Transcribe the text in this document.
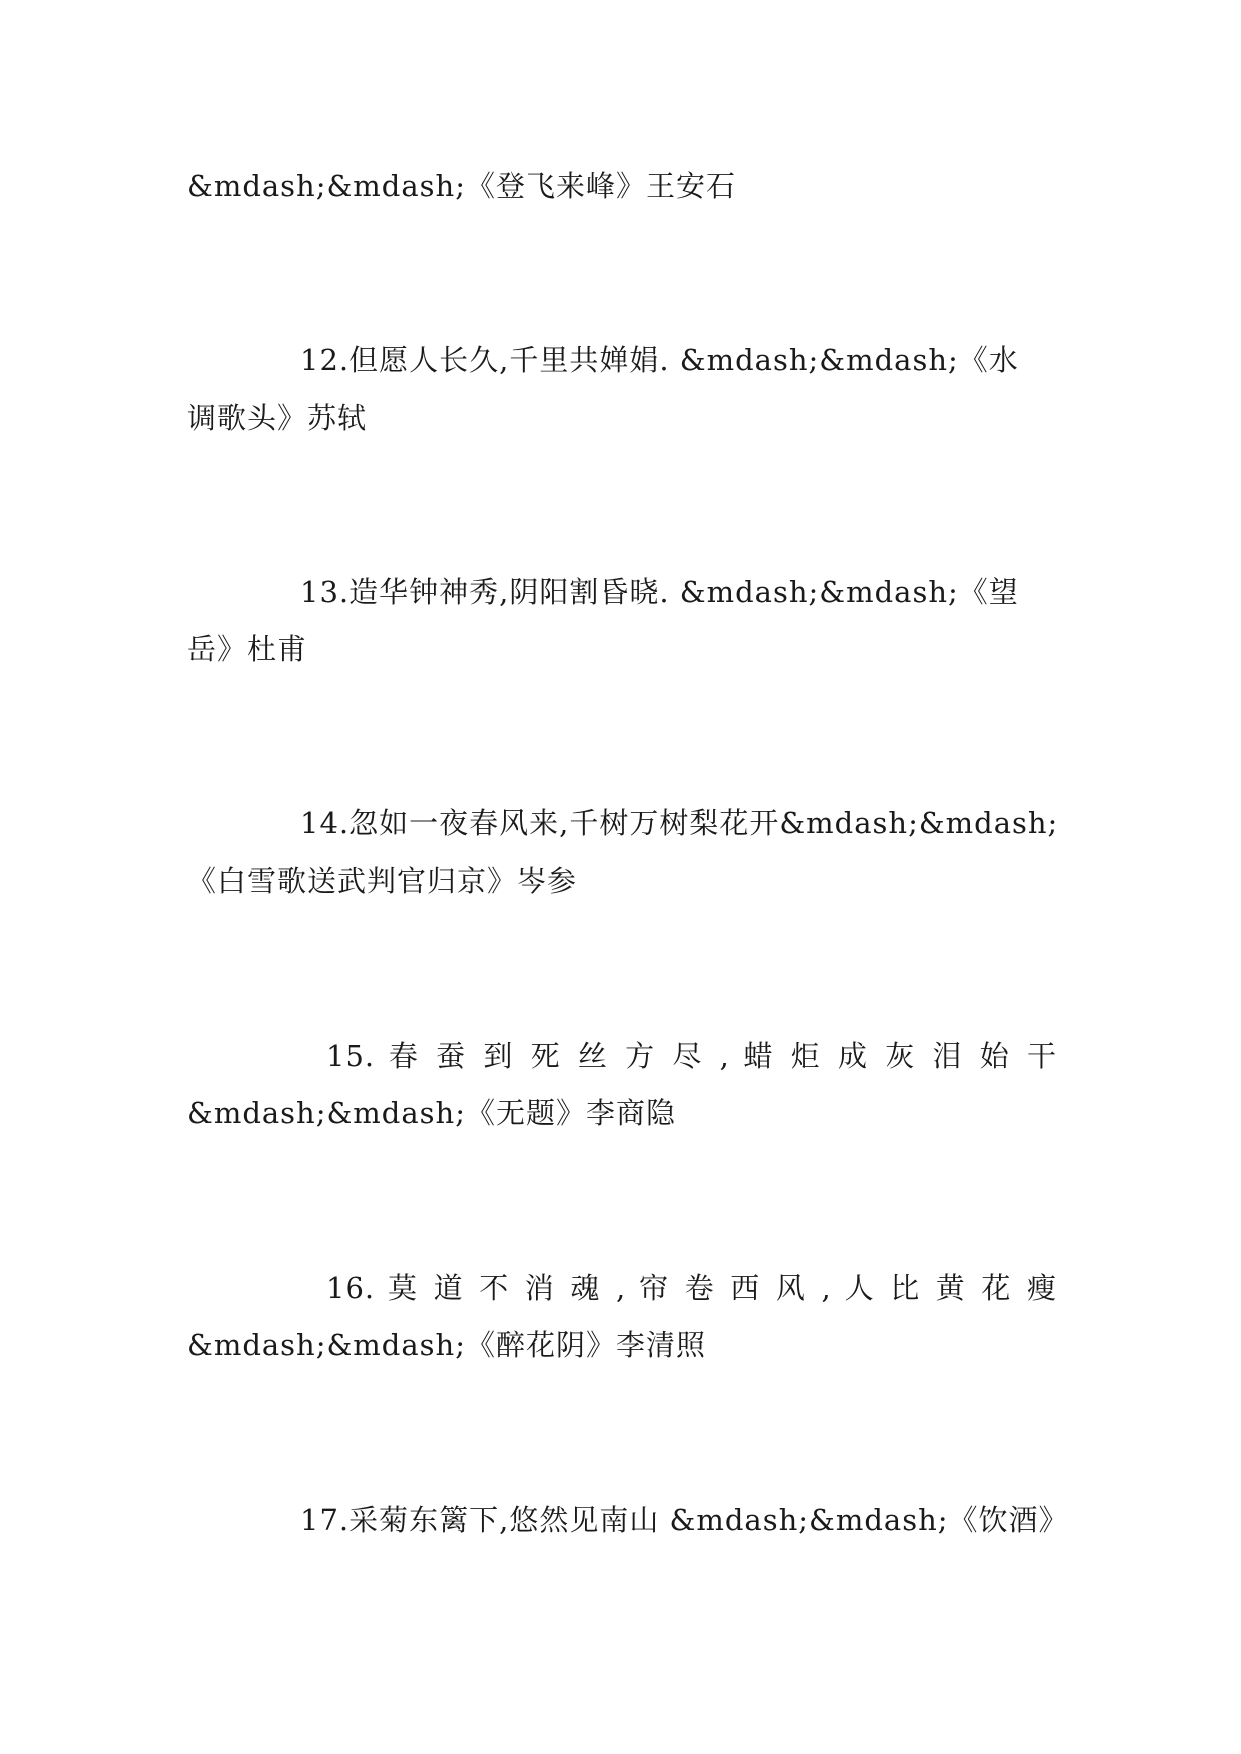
&mdash;&mdash;《登飞来峰》王安石
12.但愿人长久,千里共婵娟. &mdash;&mdash;《水
调歌头》苏轼
13.造华钟神秀,阴阳割昏晓. &mdash;&mdash;《望
岳》杜甫
14.忽如一夜春风来,千树万树梨花开&mdash;&mdash;
《白雪歌送武判官归京》岑参
15. 春 蚕 到 死 丝 方 尽 , 蜡 炬 成 灰 泪 始 干
&mdash;&mdash;《无题》李商隐
16. 莫 道 不 消 魂 , 帘 卷 西 风 , 人 比 黄 花 瘦
&mdash;&mdash;《醉花阴》李清照
17.采菊东篱下,悠然见南山 &mdash;&mdash;《饮酒》
